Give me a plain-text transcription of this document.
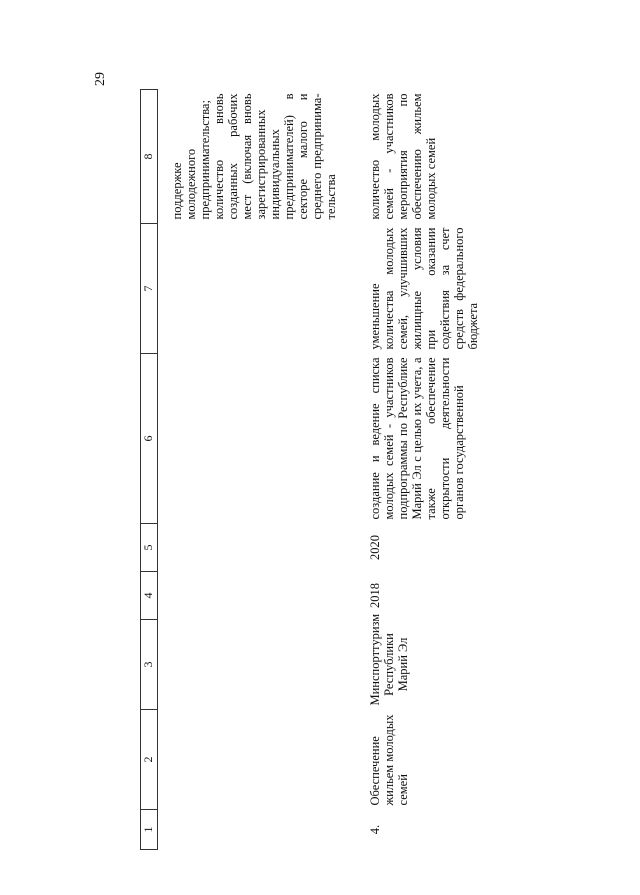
29
1	2	3	4	5	6	7	8
							поддержке молодежного предпринимательства; количество вновь созданных рабочих мест (включая вновь зарегистрированных индивидуальных предпринимателей) в секторе малого и среднего предпринимательства
4.	Обеспечение жильем молодых семей	Минспорттуризм Республики Марий Эл	2018	2020	создание и ведение списка молодых семей - участников подпрограммы по Республике Марий Эл с целью их учета, а также обеспечение открытости деятельности органов государственной	уменьшение количества молодых семей, улучшивших жилищные условия при оказании содействия за счет средств федерального бюджета	количество молодых семей - участников мероприятия по обеспечению жильем молодых семей
